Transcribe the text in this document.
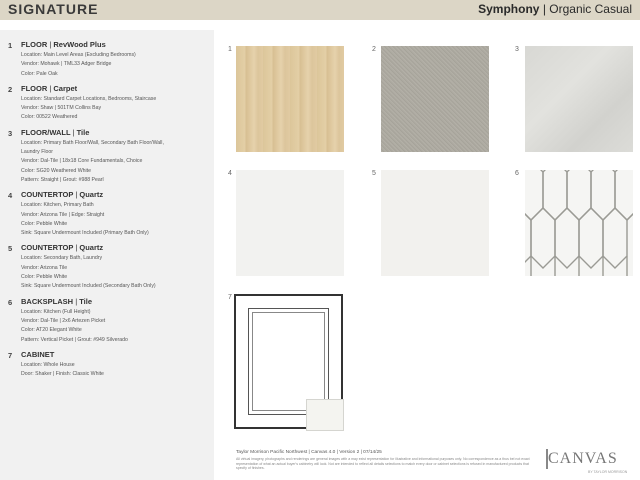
SIGNATURE	Symphony | Organic Casual
1	FLOOR | RevWood Plus
Location: Main Level Areas (Excluding Bedrooms)
Vendor: Mohawk | TML33 Adger Bridge
Color: Pale Oak
2	FLOOR | Carpet
Location: Standard Carpet Locations, Bedrooms, Staircase
Vendor: Shaw | 501TM Collins Bay
Color: 00522 Weathered
3	FLOOR/WALL | Tile
Location: Primary Bath Floor/Wall, Secondary Bath Floor/Wall,
Laundry Floor
Vendor: Dal-Tile | 18x18 Core Fundamentals, Choice
Color: SG20 Weathered White
Pattern: Straight | Grout: #988 Pearl
4	COUNTERTOP | Quartz
Location: Kitchen, Primary Bath
Vendor: Arizona Tile | Edge: Straight
Color: Pebble White
Sink: Square Undermount Included (Primary Bath Only)
5	COUNTERTOP | Quartz
Location: Secondary Bath, Laundry
Vendor: Arizona Tile
Color: Pebble White
Sink: Square Undermount Included (Secondary Bath Only)
6	BACKSPLASH | Tile
Location: Kitchen (Full Height)
Vendor: Dal-Tile | 2x6 Artezen Picket
Color: AT20 Elegant White
Pattern: Vertical Picket | Grout: #949 Silverado
7	CABINET
Location: Whole House
Door: Shaker | Finish: Classic White
1	2	3
4	5	6
7
Taylor Morrison Pacific Northwest | Canvas 4.0 | Version 2 | 07/14/25
All virtual imagery, photographs and renderings are general images with a may exist representation for illustrative and informational purposes only. No correspondence as a thus bel not exact representation of what an actual buyer's cabinetry will look. Not are intended to reflect all details selections to match every door or cabinet selections is refused in manufactured products that specify of finishes.
CANVAS
BY TAYLOR MORRISON
